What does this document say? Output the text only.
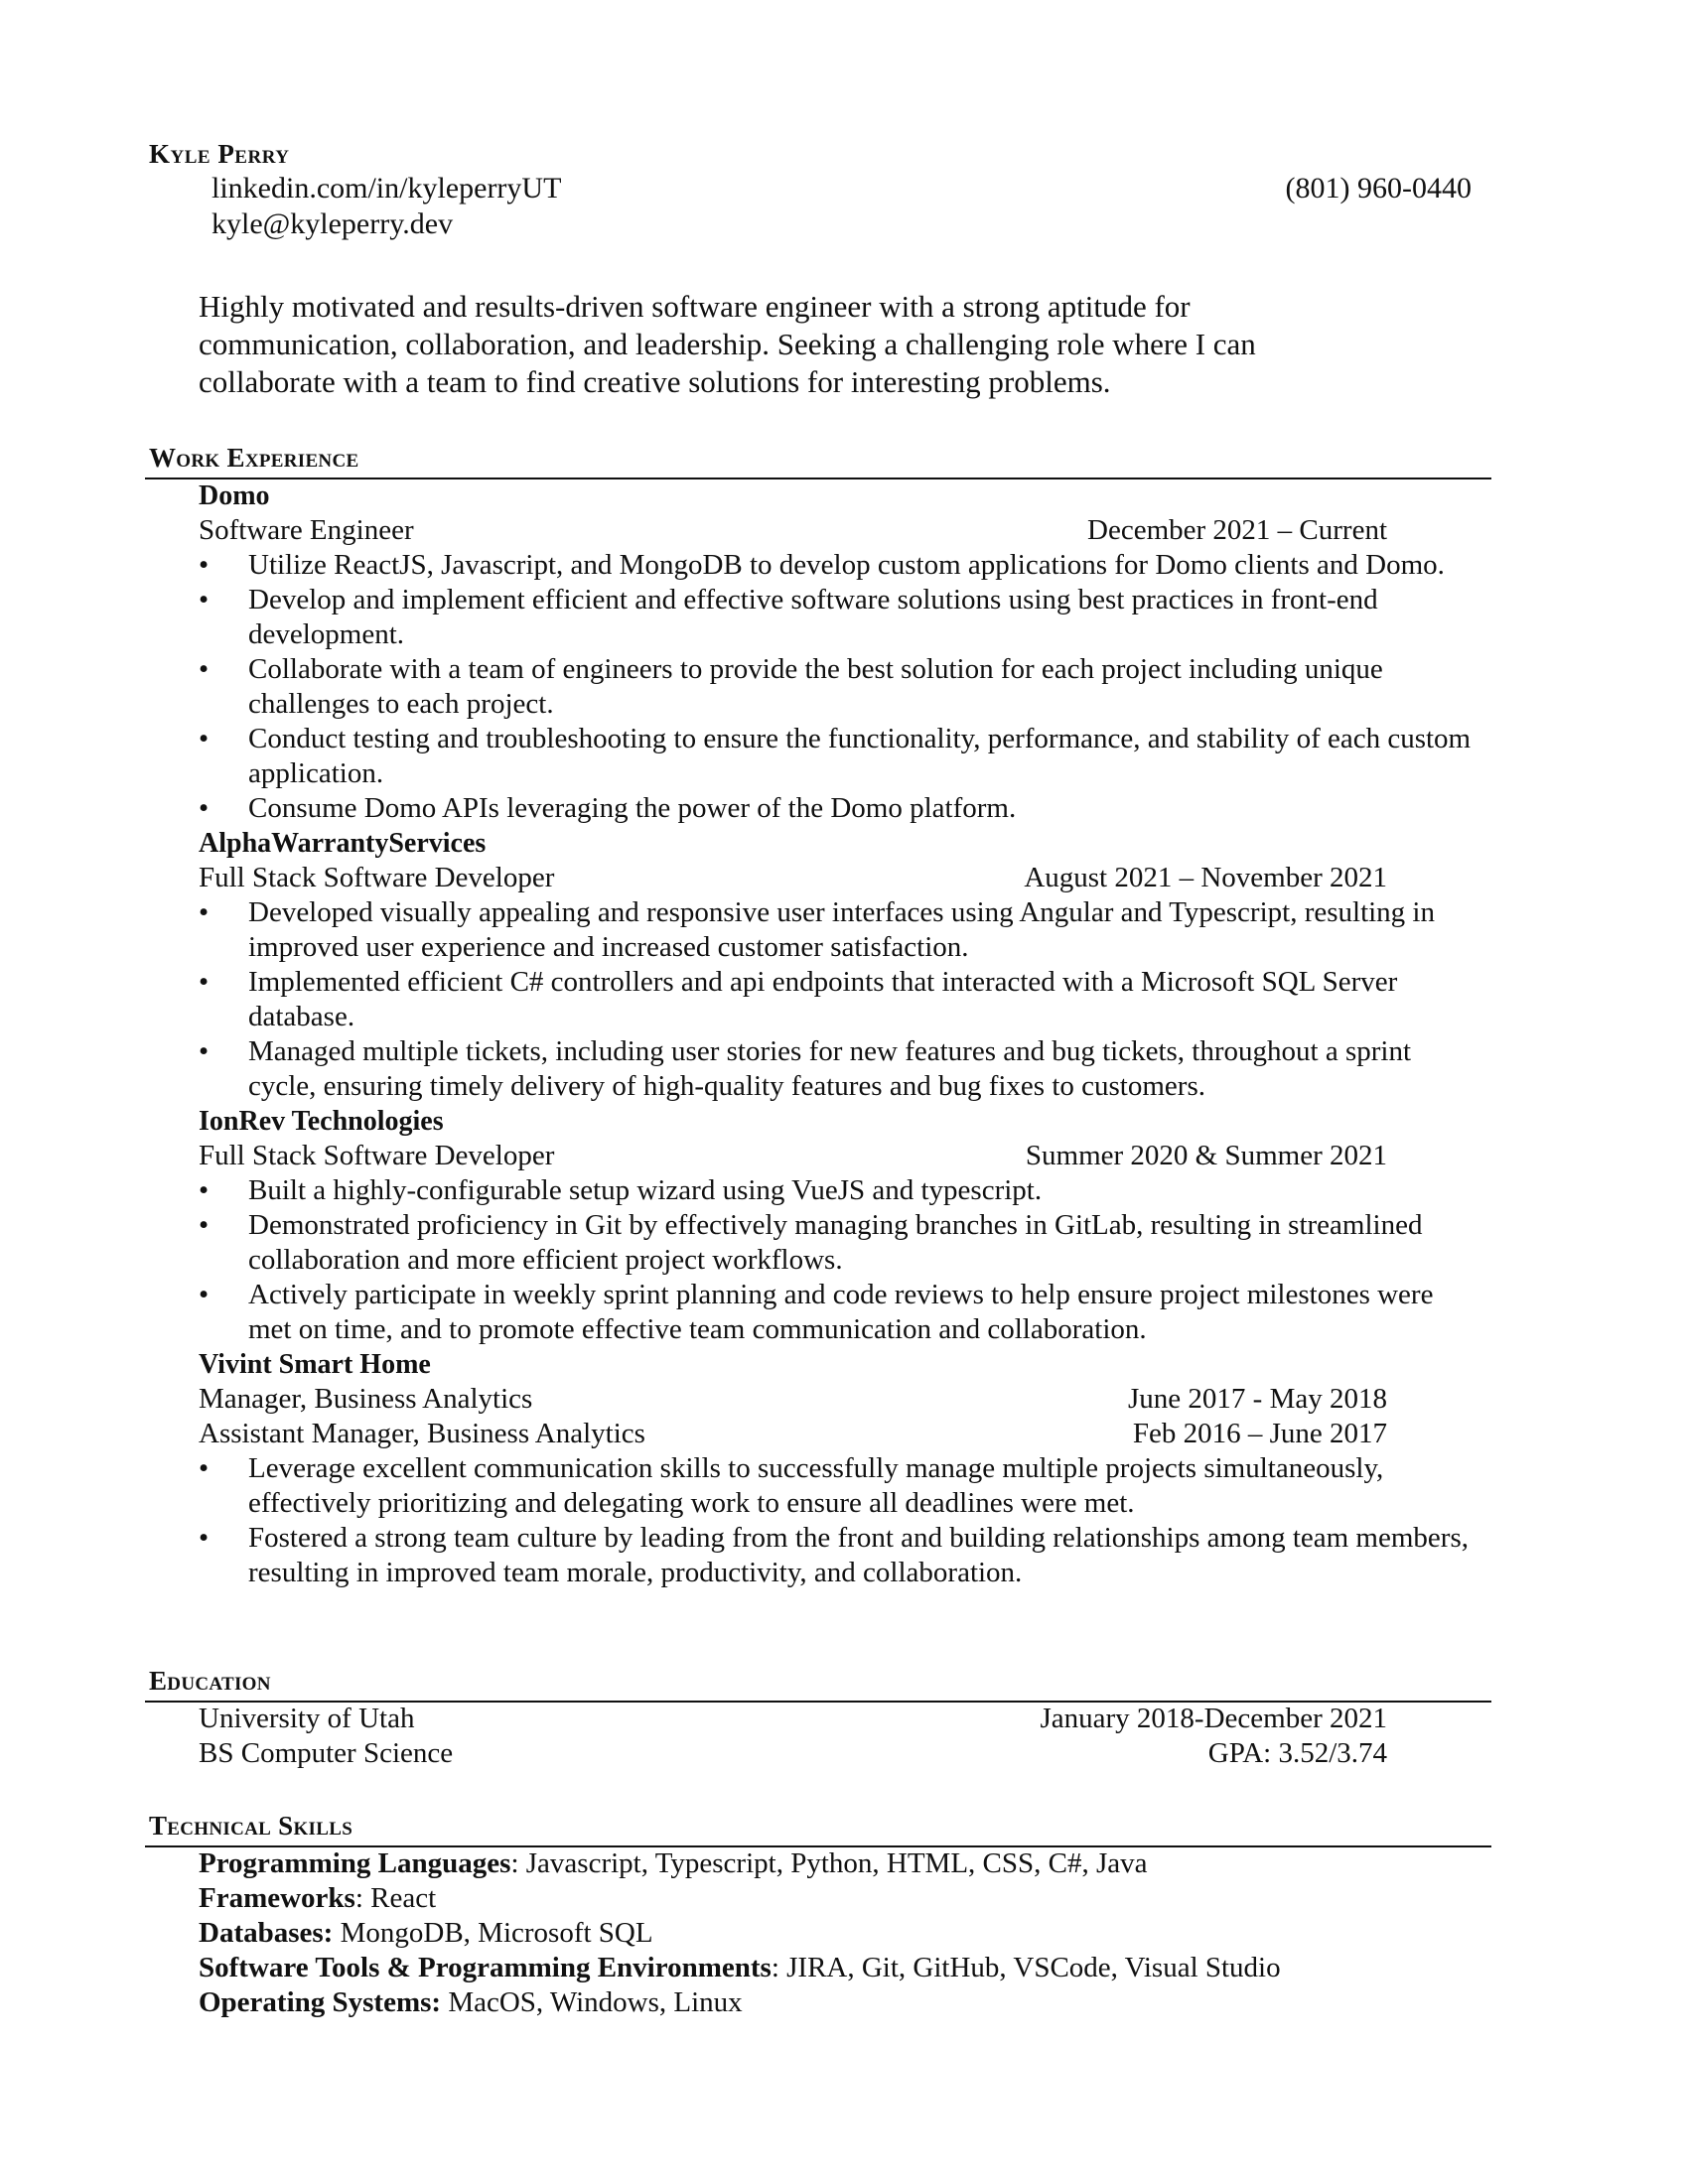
Kyle Perry
linkedin.com/in/kyleperryUT
kyle@kyleperry.dev
(801) 960-0440
Highly motivated and results-driven software engineer with a strong aptitude for communication, collaboration, and leadership. Seeking a challenging role where I can collaborate with a team to find creative solutions for interesting problems.
Work Experience
Domo
Software Engineer	December 2021 – Current
•	Utilize ReactJS, Javascript, and MongoDB to develop custom applications for Domo clients and Domo.
•	Develop and implement efficient and effective software solutions using best practices in front-end development.
•	Collaborate with a team of engineers to provide the best solution for each project including unique challenges to each project.
•	Conduct testing and troubleshooting to ensure the functionality, performance, and stability of each custom application.
•	Consume Domo APIs leveraging the power of the Domo platform.
AlphaWarrantyServices
Full Stack Software Developer	August 2021 – November 2021
•	Developed visually appealing and responsive user interfaces using Angular and Typescript, resulting in improved user experience and increased customer satisfaction.
•	Implemented efficient C# controllers and api endpoints that interacted with a Microsoft SQL Server database.
•	Managed multiple tickets, including user stories for new features and bug tickets, throughout a sprint cycle, ensuring timely delivery of high-quality features and bug fixes to customers.
IonRev Technologies
Full Stack Software Developer	Summer 2020 & Summer 2021
•	Built a highly-configurable setup wizard using VueJS and typescript.
•	Demonstrated proficiency in Git by effectively managing branches in GitLab, resulting in streamlined collaboration and more efficient project workflows.
•	Actively participate in weekly sprint planning and code reviews to help ensure project milestones were met on time, and to promote effective team communication and collaboration.
Vivint Smart Home
Manager, Business Analytics	June 2017 - May 2018
Assistant Manager, Business Analytics	Feb 2016 – June 2017
•	Leverage excellent communication skills to successfully manage multiple projects simultaneously, effectively prioritizing and delegating work to ensure all deadlines were met.
•	Fostered a strong team culture by leading from the front and building relationships among team members, resulting in improved team morale, productivity, and collaboration.
Education
University of Utah	January 2018-December 2021
BS Computer Science	GPA: 3.52/3.74
Technical Skills
Programming Languages: Javascript, Typescript, Python, HTML, CSS, C#, Java
Frameworks: React
Databases: MongoDB, Microsoft SQL
Software Tools & Programming Environments: JIRA, Git, GitHub, VSCode, Visual Studio
Operating Systems: MacOS, Windows, Linux
